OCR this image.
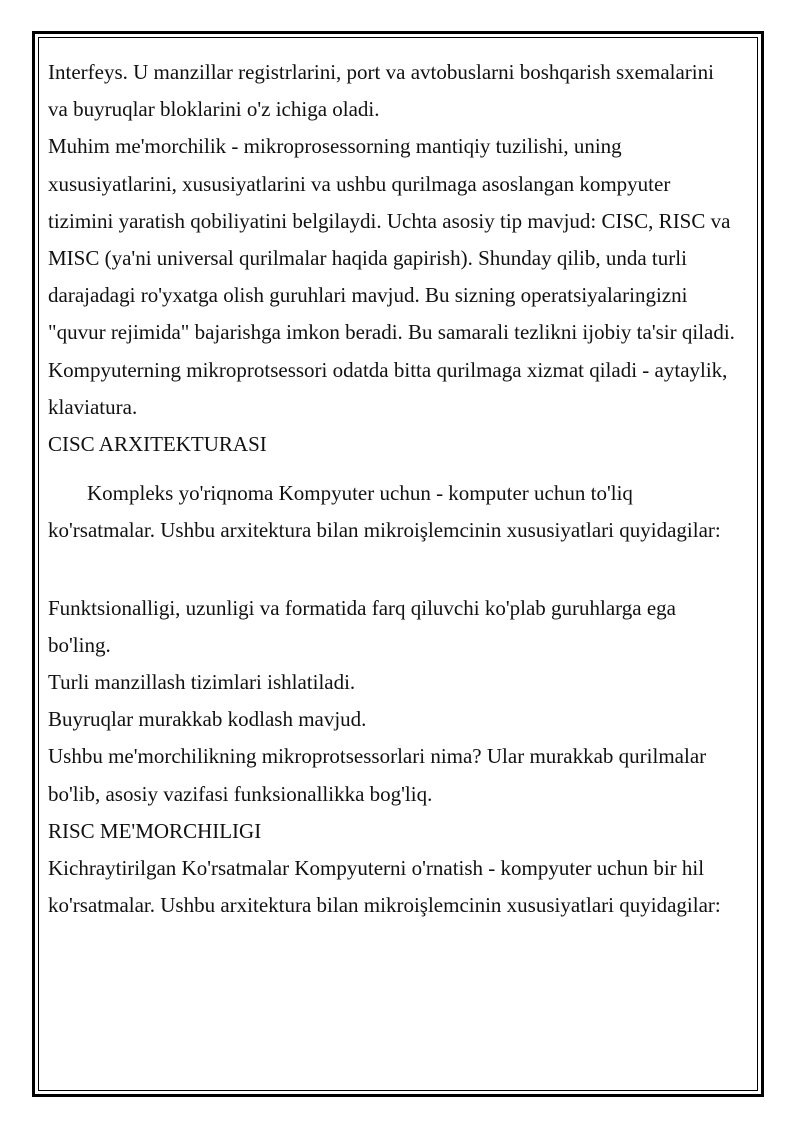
Interfeys. U manzillar registrlarini, port va avtobuslarni boshqarish sxemalarini va buyruqlar bloklarini o'z ichiga oladi.

Muhim me'morchilik - mikroprosessorning mantiqiy tuzilishi, uning xususiyatlarini, xususiyatlarini va ushbu qurilmaga asoslangan kompyuter tizimini yaratish qobiliyatini belgilaydi. Uchta asosiy tip mavjud: CISC, RISC va MISC (ya'ni universal qurilmalar haqida gapirish). Shunday qilib, unda turli darajadagi ro'yxatga olish guruhlari mavjud. Bu sizning operatsiyalaringizni "quvur rejimida" bajarishga imkon beradi. Bu samarali tezlikni ijobiy ta'sir qiladi. Kompyuterning mikroprotsessori odatda bitta qurilmaga xizmat qiladi - aytaylik, klaviatura.

CISC ARXITEKTURASI

Kompleks yo'riqnoma Kompyuter uchun - komputer uchun to'liq ko'rsatmalar. Ushbu arxitektura bilan mikroişlemcinin xususiyatlari quyidagilar:

Funktsionalligi, uzunligi va formatida farq qiluvchi ko'plab guruhlarga ega bo'ling.

Turli manzillash tizimlari ishlatiladi.

Buyruqlar murakkab kodlash mavjud.

Ushbu me'morchilikning mikroprotsessorlari nima? Ular murakkab qurilmalar bo'lib, asosiy vazifasi funksionallikka bog'liq.

RISC ME'MORCHILIGI

Kichraytirilgan Ko'rsatmalar Kompyuterni o'rnatish - kompyuter uchun bir hil ko'rsatmalar. Ushbu arxitektura bilan mikroişlemcinin xususiyatlari quyidagilar:
